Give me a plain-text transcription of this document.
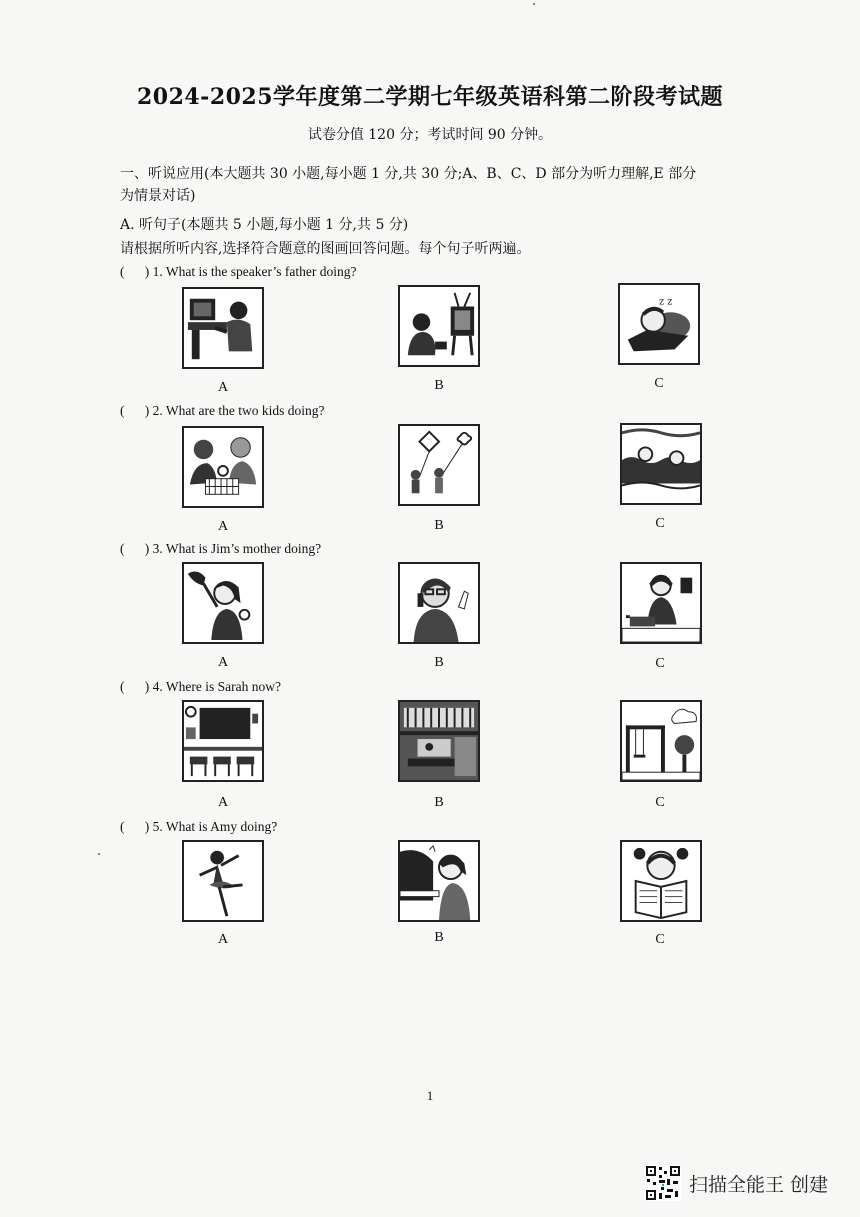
2024-2025学年度第二学期七年级英语科第二阶段考试题
试卷分值 120 分；考试时间 90 分钟。
一、听说应用(本大题共 30 小题,每小题 1 分,共 30 分;A、B、C、D 部分为听力理解,E 部分
为情景对话)
A. 听句子(本题共 5 小题,每小题 1 分,共 5 分)
请根据所听内容,选择符合题意的图画回答问题。每个句子听两遍。
(      ) 1. What is the speaker’s father doing?
A	B
z z
C
(      ) 2. What are the two kids doing?
A	B	C
(      ) 3. What is Jim’s mother doing?
A	B	C
(      ) 4. Where is Sarah now?
A	B	C
(      ) 5. What is Amy doing?
A	B	C
1
扫描全能王 创建
